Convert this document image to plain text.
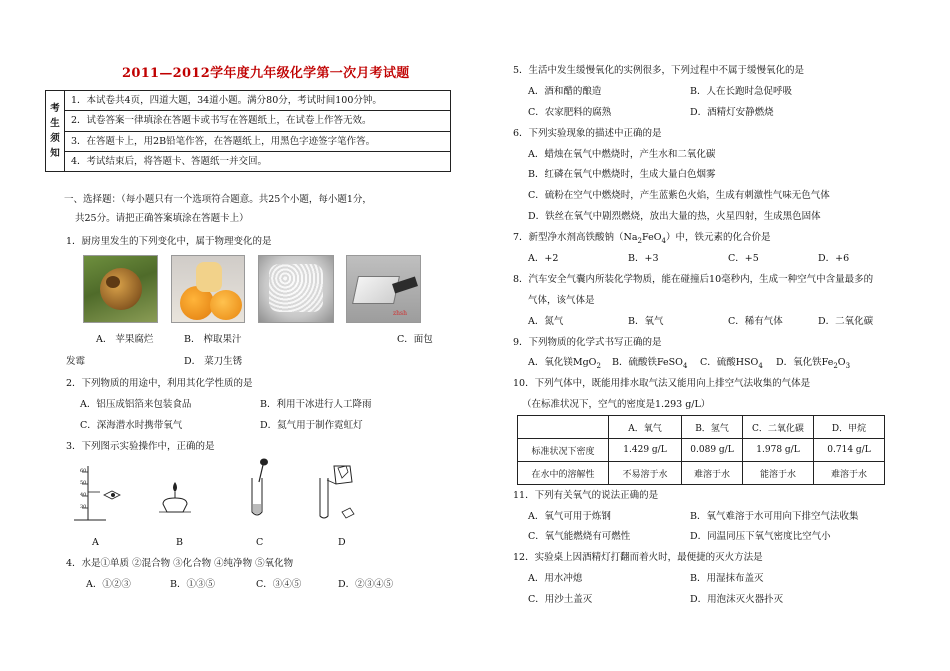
2011—2012学年度九年级化学第一次月考试题
考
生
须
知
	1．本试卷共4页，四道大题，34道小题。满分80分，考试时间100分钟。
2．试卷答案一律填涂在答题卡或书写在答题纸上，在试卷上作答无效。
3．在答题卡上，用2B铅笔作答，在答题纸上，用黑色字迹签字笔作答。
4．考试结束后，将答题卡、答题纸一并交回。
一、选择题：（每小题只有一个选项符合题意。共25个小题，每小题1分，
共25分。请把正确答案填涂在答题卡上）
1．厨房里发生的下列变化中，属于物理变化的是
zhsh
A． 苹果腐烂	B． 榨取果汁	C．面包
发霉	D． 菜刀生锈
2．下列物质的用途中，利用其化学性质的是
A．铝压成铝箔来包装食品	B．利用干冰进行人工降雨
C．深海潜水时携带氧气	D．氦气用于制作霓虹灯
3．下列图示实验操作中，正确的是
60
50
40
30
A	B	C	D
4．水是①单质 ②混合物 ③化合物 ④纯净物 ⑤氧化物
A．①②③	B．①③⑤	C．③④⑤	D．②③④⑤
5．生活中发生缓慢氧化的实例很多，下列过程中不属于缓慢氧化的是
A．酒和醋的酿造	B．人在长跑时急促呼吸
C．农家肥料的腐熟	D．酒精灯安静燃烧
6．下列实验现象的描述中正确的是
A．蜡烛在氧气中燃烧时，产生水和二氧化碳
B．红磷在氧气中燃烧时，生成大量白色烟雾
C．硫粉在空气中燃烧时，产生蓝紫色火焰，生成有刺激性气味无色气体
D．铁丝在氧气中剧烈燃烧，放出大量的热，火星四射，生成黑色固体
7．新型净水剂高铁酸钠$(Na_2FeO_4)$中，铁元素的化合价是
A．+2	B．+3	C．+5	D．+6
8．汽车安全气囊内所装化学物质，能在碰撞后10毫秒内，生成一种空气中含量最多的
气体，该气体是
A．氮气	B．氧气	C．稀有气体	D．二氧化碳
9．下列物质的化学式书写正确的是
A．氧化镁MgO$_2$ B．硫酸铁FeSO$_4$ C．硫酸$HSO_4$ D．氧化铁$Fe_2O_3$
10．下列气体中，既能用排水取气法又能用向上排空气法收集的气体是
（在标准状况下，空气的密度是1.293 g/L）
	A．氧气	B．氢气	C．二氧化碳	D．甲烷
标准状况下密度	1.429 g/L	0.089 g/L	1.978 g/L	0.714 g/L
在水中的溶解性	不易溶于水	难溶于水	能溶于水	难溶于水
11．下列有关氧气的说法正确的是
A．氧气可用于炼钢	B．氧气难溶于水可用向下排空气法收集
C．氧气能燃烧有可燃性	D．同温同压下氧气密度比空气小
12．实验桌上因酒精灯打翻而着火时，最便捷的灭火方法是
A．用水冲熄	B．用湿抹布盖灭
C．用沙土盖灭	D．用泡沫灭火器扑灭
